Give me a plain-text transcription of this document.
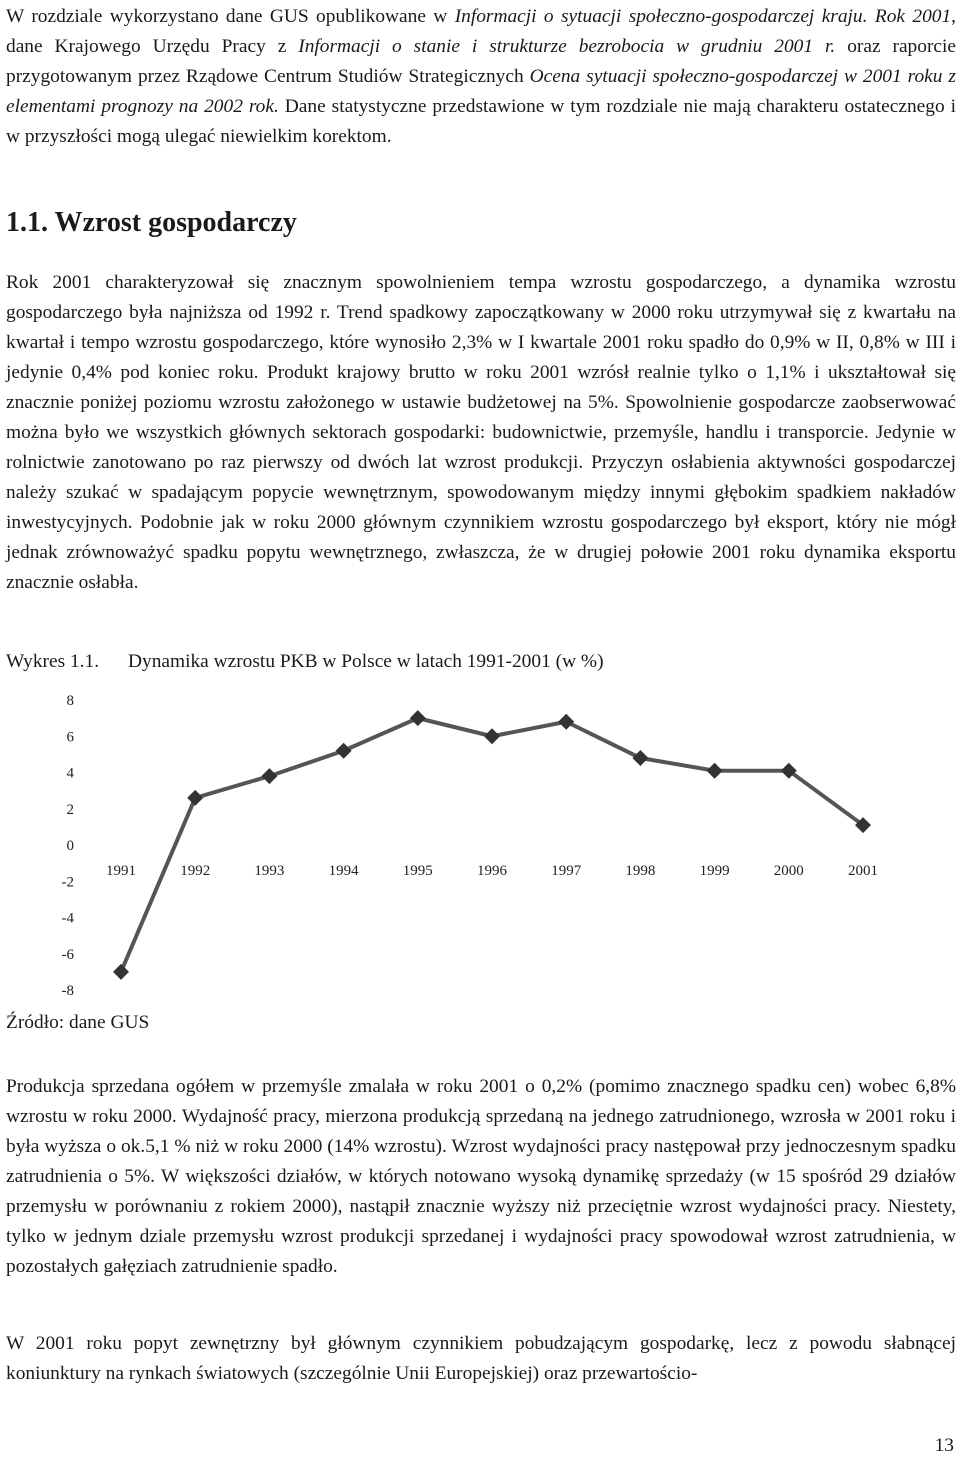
W rozdziale wykorzystano dane GUS opublikowane w Informacji o sytuacji społeczno-gospodarczej kraju. Rok 2001, dane Krajowego Urzędu Pracy z Informacji o stanie i strukturze bezrobocia w grudniu 2001 r. oraz raporcie przygotowanym przez Rządowe Centrum Studiów Strategicznych Ocena sytuacji społeczno-gospodarczej w 2001 roku z elementami prognozy na 2002 rok. Dane statystyczne przedstawione w tym rozdziale nie mają charakteru ostatecznego i w przyszłości mogą ulegać niewielkim korektom.

1.1. Wzrost gospodarczy

Rok 2001 charakteryzował się znacznym spowolnieniem tempa wzrostu gospodarczego, a dynamika wzrostu gospodarczego była najniższa od 1992 r. Trend spadkowy zapoczątkowany w 2000 roku utrzymywał się z kwartału na kwartał i tempo wzrostu gospodarczego, które wynosiło 2,3% w I kwartale 2001 roku spadło do 0,9% w II, 0,8% w III i jedynie 0,4% pod koniec roku. Produkt krajowy brutto w roku 2001 wzrósł realnie tylko o 1,1% i ukształtował się znacznie poniżej poziomu wzrostu założonego w ustawie budżetowej na 5%. Spowolnienie gospodarcze zaobserwować można było we wszystkich głównych sektorach gospodarki: budownictwie, przemyśle, handlu i transporcie. Jedynie w rolnictwie zanotowano po raz pierwszy od dwóch lat wzrost produkcji. Przyczyn osłabienia aktywności gospodarczej należy szukać w spadającym popycie wewnętrznym, spowodowanym między innymi głębokim spadkiem nakładów inwestycyjnych. Podobnie jak w roku 2000 głównym czynnikiem wzrostu gospodarczego był eksport, który nie mógł jednak zrównoważyć spadku popytu wewnętrznego, zwłaszcza, że w drugiej połowie 2001 roku dynamika eksportu znacznie osłabła.

Wykres 1.1. Dynamika wzrostu PKB w Polsce w latach 1991-2001 (w %)
8
6
4
2
0
-2
-4
-6
-8
1991	1992	1993	1994	1995	1996	1997	1998	1999	2000	2001
Źródło: dane GUS

Produkcja sprzedana ogółem w przemyśle zmalała w roku 2001 o 0,2% (pomimo znacznego spadku cen) wobec 6,8% wzrostu w roku 2000. Wydajność pracy, mierzona produkcją sprzedaną na jednego zatrudnionego, wzrosła w 2001 roku i była wyższa o ok.5,1 % niż w roku 2000 (14% wzrostu). Wzrost wydajności pracy następował przy jednoczesnym spadku zatrudnienia o 5%. W większości działów, w których notowano wysoką dynamikę sprzedaży (w 15 spośród 29 działów przemysłu w porównaniu z rokiem 2000), nastąpił znacznie wyższy niż przeciętnie wzrost wydajności pracy. Niestety, tylko w jednym dziale przemysłu wzrost produkcji sprzedanej i wydajności pracy spowodował wzrost zatrudnienia, w pozostałych gałęziach zatrudnienie spadło.

W 2001 roku popyt zewnętrzny był głównym czynnikiem pobudzającym gospodarkę, lecz z powodu słabnącej koniunktury na rynkach światowych (szczególnie Unii Europejskiej) oraz przewartościo-

13
